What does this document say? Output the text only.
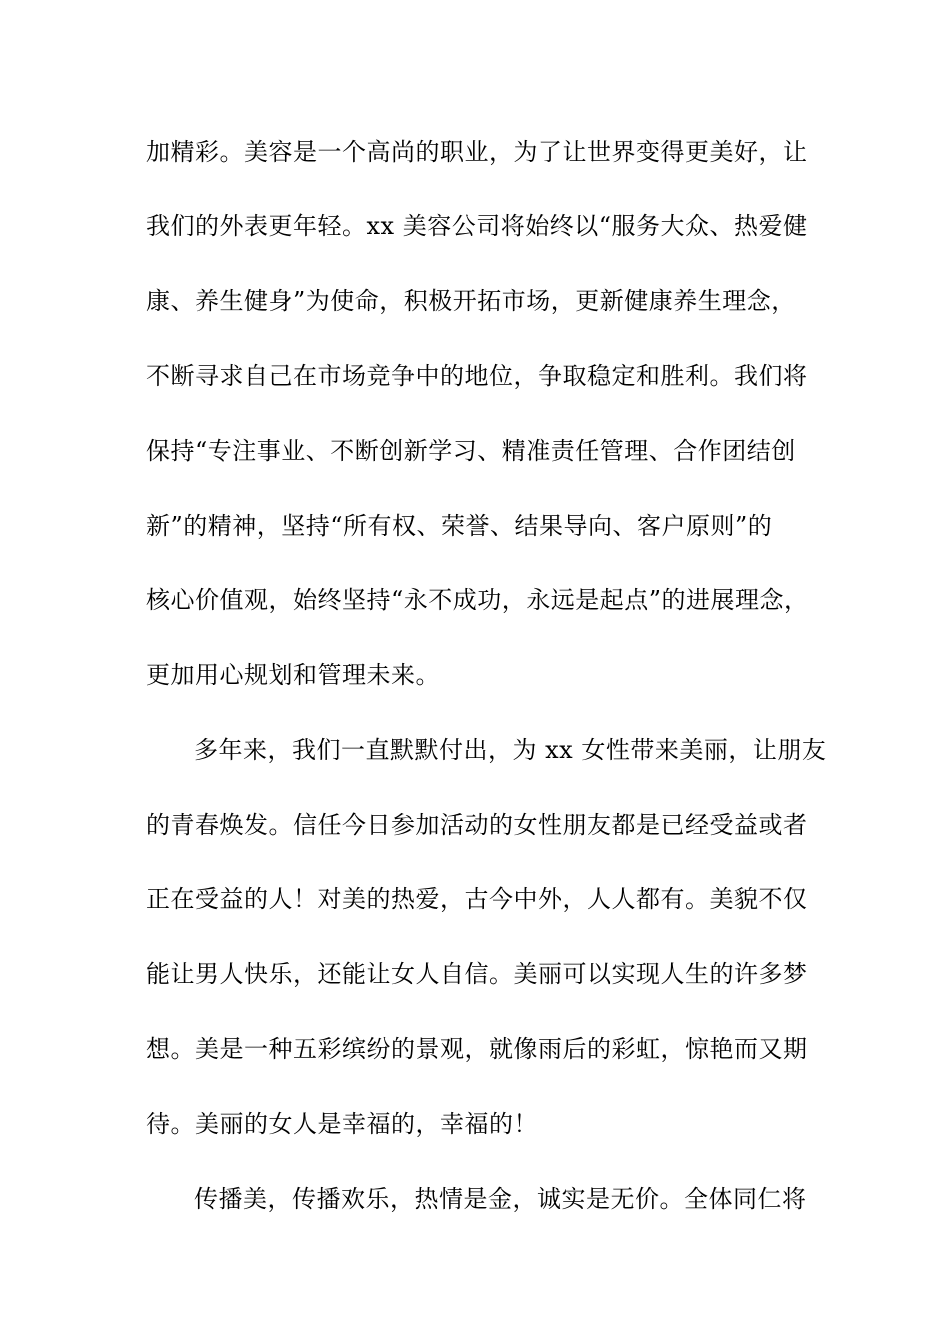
加精彩。美容是一个高尚的职业，为了让世界变得更美好，让
我们的外表更年轻。xx 美容公司将始终以“服务大众、热爱健
康、养生健身”为使命，积极开拓市场，更新健康养生理念，
不断寻求自己在市场竞争中的地位，争取稳定和胜利。我们将
保持“专注事业、不断创新学习、精准责任管理、合作团结创
新”的精神，坚持“所有权、荣誉、结果导向、客户原则”的
核心价值观，始终坚持“永不成功，永远是起点”的进展理念，
更加用心规划和管理未来。
多年来，我们一直默默付出，为 xx 女性带来美丽，让朋友
的青春焕发。信任今日参加活动的女性朋友都是已经受益或者
正在受益的人！对美的热爱，古今中外，人人都有。美貌不仅
能让男人快乐，还能让女人自信。美丽可以实现人生的许多梦
想。美是一种五彩缤纷的景观，就像雨后的彩虹，惊艳而又期
待。美丽的女人是幸福的，幸福的！
传播美，传播欢乐，热情是金，诚实是无价。全体同仁将
